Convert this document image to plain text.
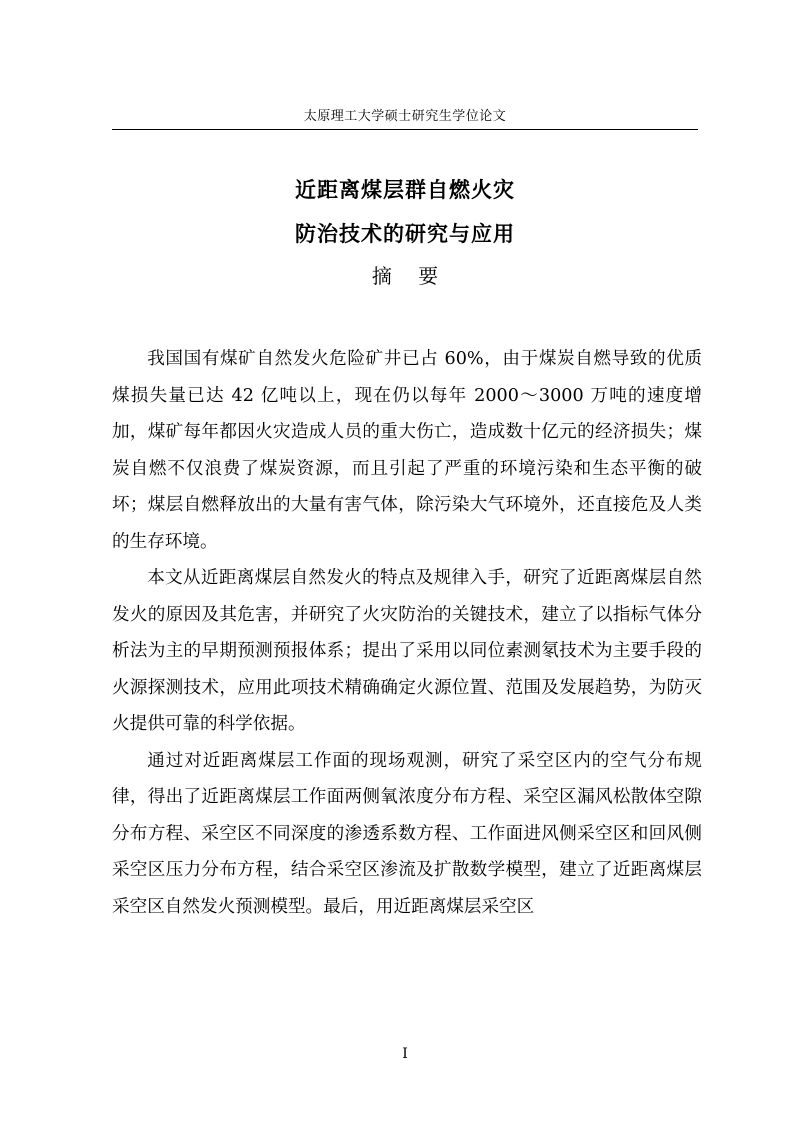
太原理工大学硕士研究生学位论文
近距离煤层群自燃火灾
防治技术的研究与应用
摘 要

我国国有煤矿自然发火危险矿井已占 60%，由于煤炭自燃导致的优质煤损失量已达 42 亿吨以上，现在仍以每年 2000～3000 万吨的速度增加，煤矿每年都因火灾造成人员的重大伤亡，造成数十亿元的经济损失；煤炭自燃不仅浪费了煤炭资源，而且引起了严重的环境污染和生态平衡的破坏；煤层自燃释放出的大量有害气体，除污染大气环境外，还直接危及人类的生存环境。

本文从近距离煤层自然发火的特点及规律入手，研究了近距离煤层自然发火的原因及其危害，并研究了火灾防治的关键技术，建立了以指标气体分析法为主的早期预测预报体系；提出了采用以同位素测氡技术为主要手段的火源探测技术，应用此项技术精确确定火源位置、范围及发展趋势，为防灭火提供可靠的科学依据。

通过对近距离煤层工作面的现场观测，研究了采空区内的空气分布规律，得出了近距离煤层工作面两侧氧浓度分布方程、采空区漏风松散体空隙分布方程、采空区不同深度的渗透系数方程、工作面进风侧采空区和回风侧采空区压力分布方程，结合采空区渗流及扩散数学模型，建立了近距离煤层采空区自然发火预测模型。最后，用近距离煤层采空区

I
